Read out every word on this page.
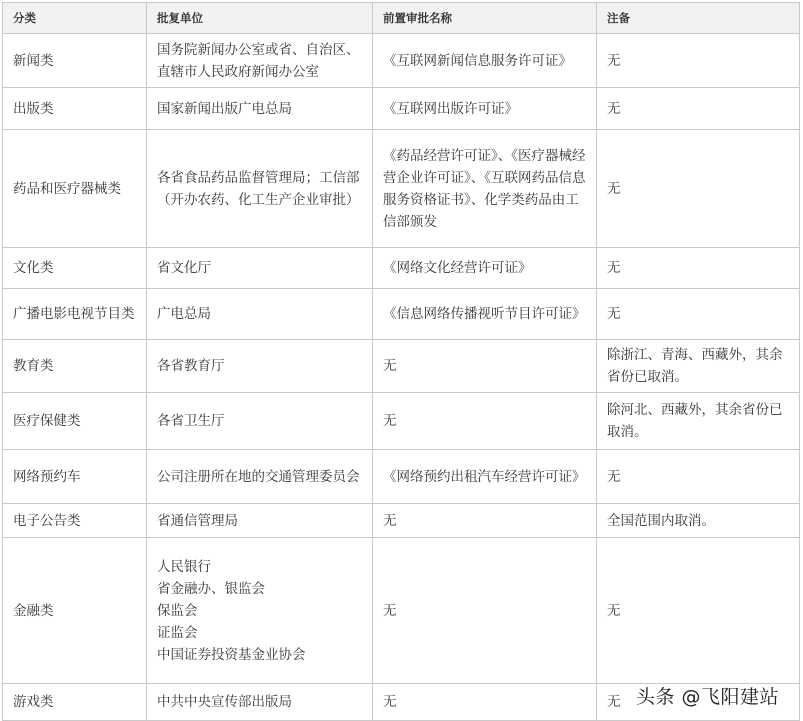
分类	批复单位	前置审批名称	注备
新闻类	国务院新闻办公室或省、自治区、直辖市人民政府新闻办公室	《互联网新闻信息服务许可证》	无
出版类	国家新闻出版广电总局	《互联网出版许可证》	无
药品和医疗器械类	各省食品药品监督管理局；工信部（开办农药、化工生产企业审批）	《药品经营许可证》、《医疗器械经营企业许可证》、《互联网药品信息服务资格证书》、化学类药品由工信部颁发	无
文化类	省文化厅	《网络文化经营许可证》	无
广播电影电视节目类	广电总局	《信息网络传播视听节目许可证》	无
教育类	各省教育厅	无	除浙江、青海、西藏外，其余省份已取消。
医疗保健类	各省卫生厅	无	除河北、西藏外，其余省份已取消。
网络预约车	公司注册所在地的交通管理委员会	《网络预约出租汽车经营许可证》	无
电子公告类	省通信管理局	无	全国范围内取消。
金融类	人民银行
省金融办、银监会
保监会
证监会
中国证券投资基金业协会	无	无
游戏类	中共中央宣传部出版局	无	无 头条 @飞阳建站
